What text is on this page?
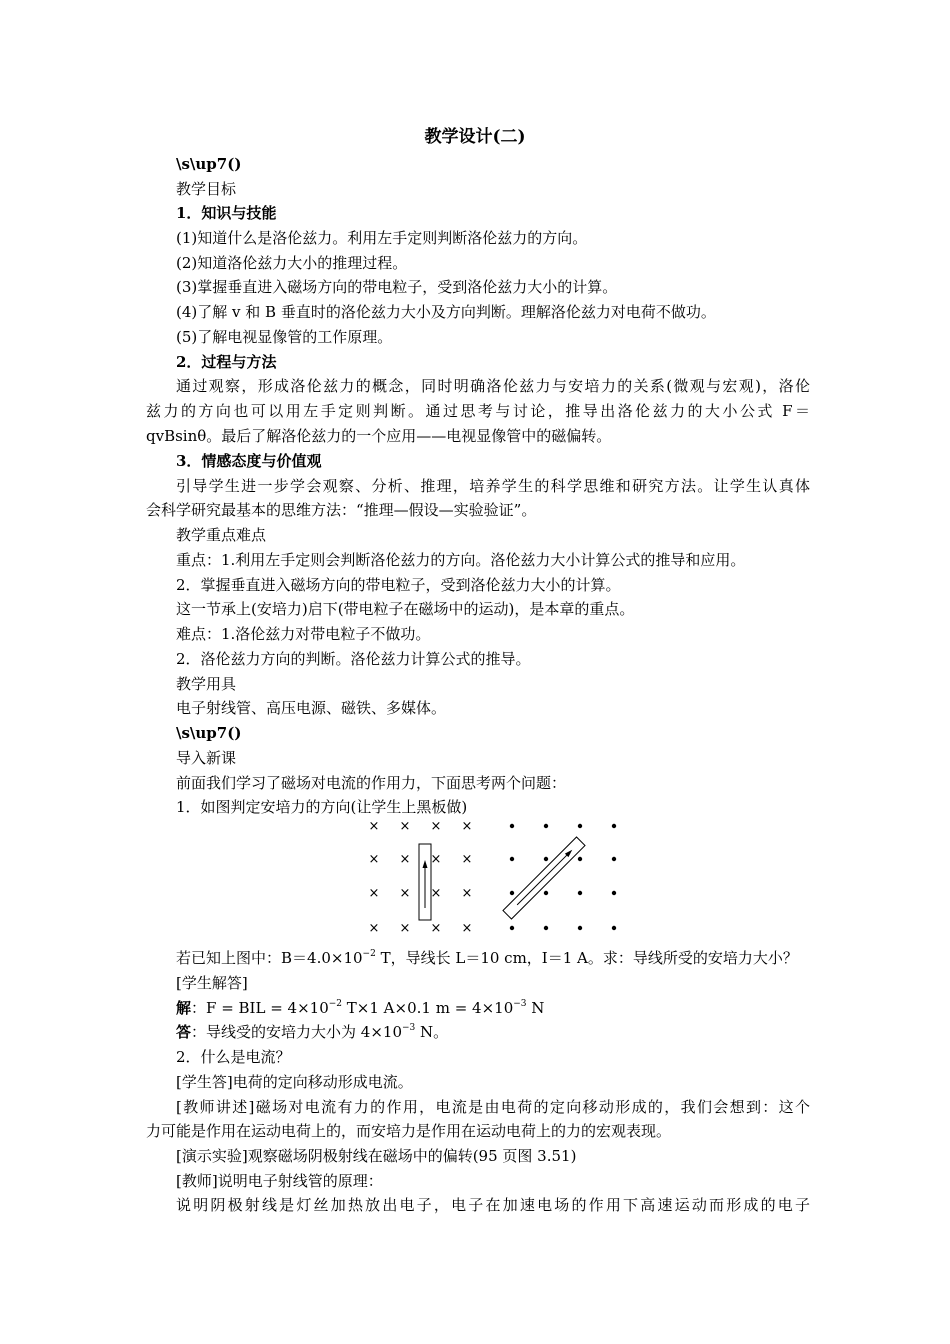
教学设计(二)
\s\up7()
教学目标
1．知识与技能
(1)知道什么是洛伦兹力。利用左手定则判断洛伦兹力的方向。
(2)知道洛伦兹力大小的推理过程。
(3)掌握垂直进入磁场方向的带电粒子，受到洛伦兹力大小的计算。
(4)了解 v 和 B 垂直时的洛伦兹力大小及方向判断。理解洛伦兹力对电荷不做功。
(5)了解电视显像管的工作原理。
2．过程与方法
通过观察，形成洛伦兹力的概念，同时明确洛伦兹力与安培力的关系(微观与宏观)，洛伦
兹力的方向也可以用左手定则判断。通过思考与讨论，推导出洛伦兹力的大小公式 F＝
qvBsinθ。最后了解洛伦兹力的一个应用——电视显像管中的磁偏转。
3．情感态度与价值观
引导学生进一步学会观察、分析、推理，培养学生的科学思维和研究方法。让学生认真体
会科学研究最基本的思维方法：“推理—假设—实验验证”。
教学重点难点
重点：1.利用左手定则会判断洛伦兹力的方向。洛伦兹力大小计算公式的推导和应用。
2．掌握垂直进入磁场方向的带电粒子，受到洛伦兹力大小的计算。
这一节承上(安培力)启下(带电粒子在磁场中的运动)，是本章的重点。
难点：1.洛伦兹力对带电粒子不做功。
2．洛伦兹力方向的判断。洛伦兹力计算公式的推导。
教学用具
电子射线管、高压电源、磁铁、多媒体。
\s\up7()
导入新课
前面我们学习了磁场对电流的作用力，下面思考两个问题：
1．如图判定安培力的方向(让学生上黑板做)
× × × ×
× × × ×
× × × ×
× × × ×
若已知上图中：$B=4.0\times 10^{-2}$ T，导线长 L＝10 cm，I＝1 A。求：导线所受的安培力大小？
[学生解答]
解：F = BIL = $4\times 10^{-2}$ T×1 A×0.1 $m = 4\times 10^{-3}$ N
答：导线受的安培力大小为 $4\times 10^{-3}$ N。
2．什么是电流？
[学生答]电荷的定向移动形成电流。
[教师讲述]磁场对电流有力的作用，电流是由电荷的定向移动形成的，我们会想到：这个
力可能是作用在运动电荷上的，而安培力是作用在运动电荷上的力的宏观表现。
[演示实验]观察磁场阴极射线在磁场中的偏转(95 页图 3.51)
[教师]说明电子射线管的原理：
说明阴极射线是灯丝加热放出电子，电子在加速电场的作用下高速运动而形成的电子
